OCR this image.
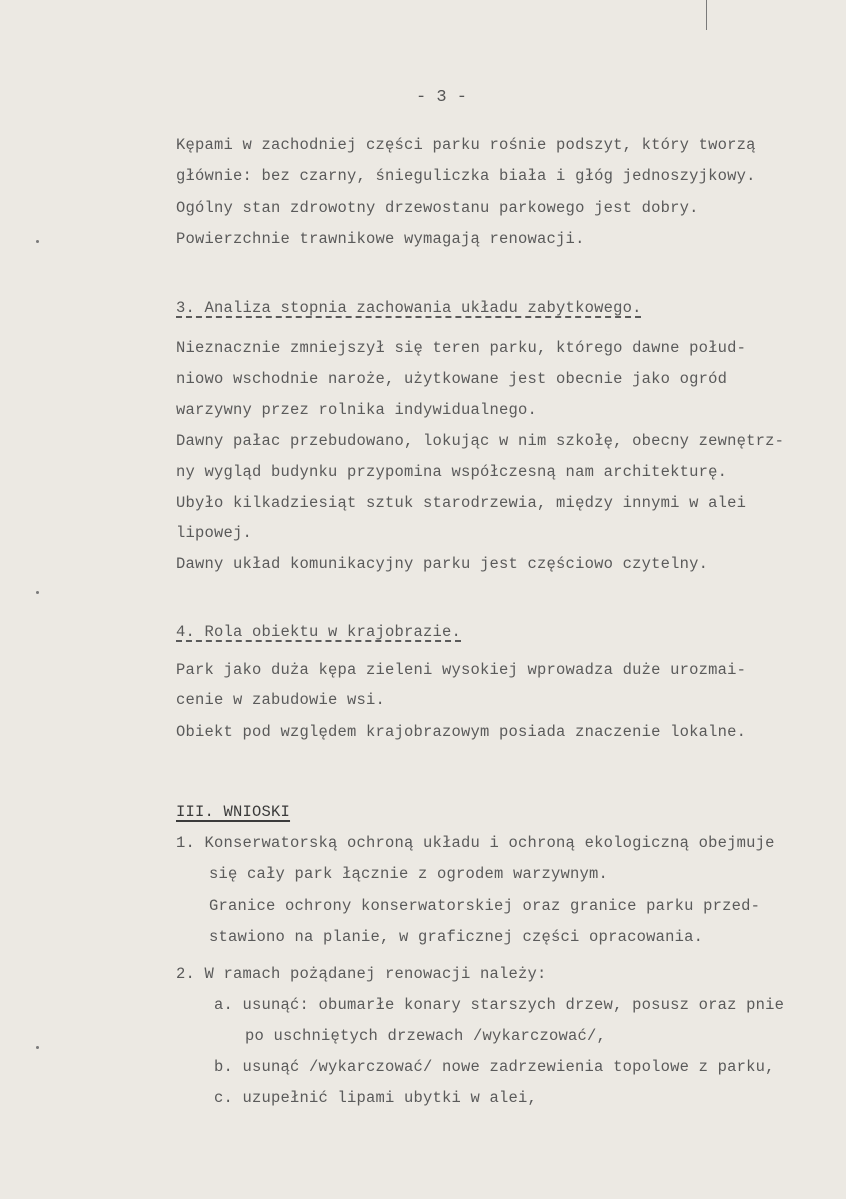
- 3 -
Kępami w zachodniej części parku rośnie podszyt, który tworzą
głównie: bez czarny, śnieguliczka biała i głóg jednoszyjkowy.
Ogólny stan zdrowotny drzewostanu parkowego jest dobry.
Powierzchnie trawnikowe wymagają renowacji.
3. Analiza stopnia zachowania układu zabytkowego.
Nieznacznie zmniejszył się teren parku, którego dawne połud-
niowo wschodnie naroże, użytkowane jest obecnie jako ogród
warzywny przez rolnika indywidualnego.
Dawny pałac przebudowano, lokując w nim szkołę, obecny zewnętrz-
ny wygląd budynku przypomina współczesną nam architekturę.
Ubyło kilkadziesiąt sztuk starodrzewia, między innymi w alei
lipowej.
Dawny układ komunikacyjny parku jest częściowo czytelny.
4. Rola obiektu w krajobrazie.
Park jako duża kępa zieleni wysokiej wprowadza duże urozmai-
cenie w zabudowie wsi.
Obiekt pod względem krajobrazowym posiada znaczenie lokalne.
III. WNIOSKI
1. Konserwatorską ochroną układu i ochroną ekologiczną obejmuje
się cały park łącznie z ogrodem warzywnym.
Granice ochrony konserwatorskiej oraz granice parku przed-
stawiono na planie, w graficznej części opracowania.
2. W ramach pożądanej renowacji należy:
a. usunąć: obumarłe konary starszych drzew, posusz oraz pnie
po uschniętych drzewach /wykarczować/,
b. usunąć /wykarczować/ nowe zadrzewienia topolowe z parku,
c. uzupełnić lipami ubytki w alei,
